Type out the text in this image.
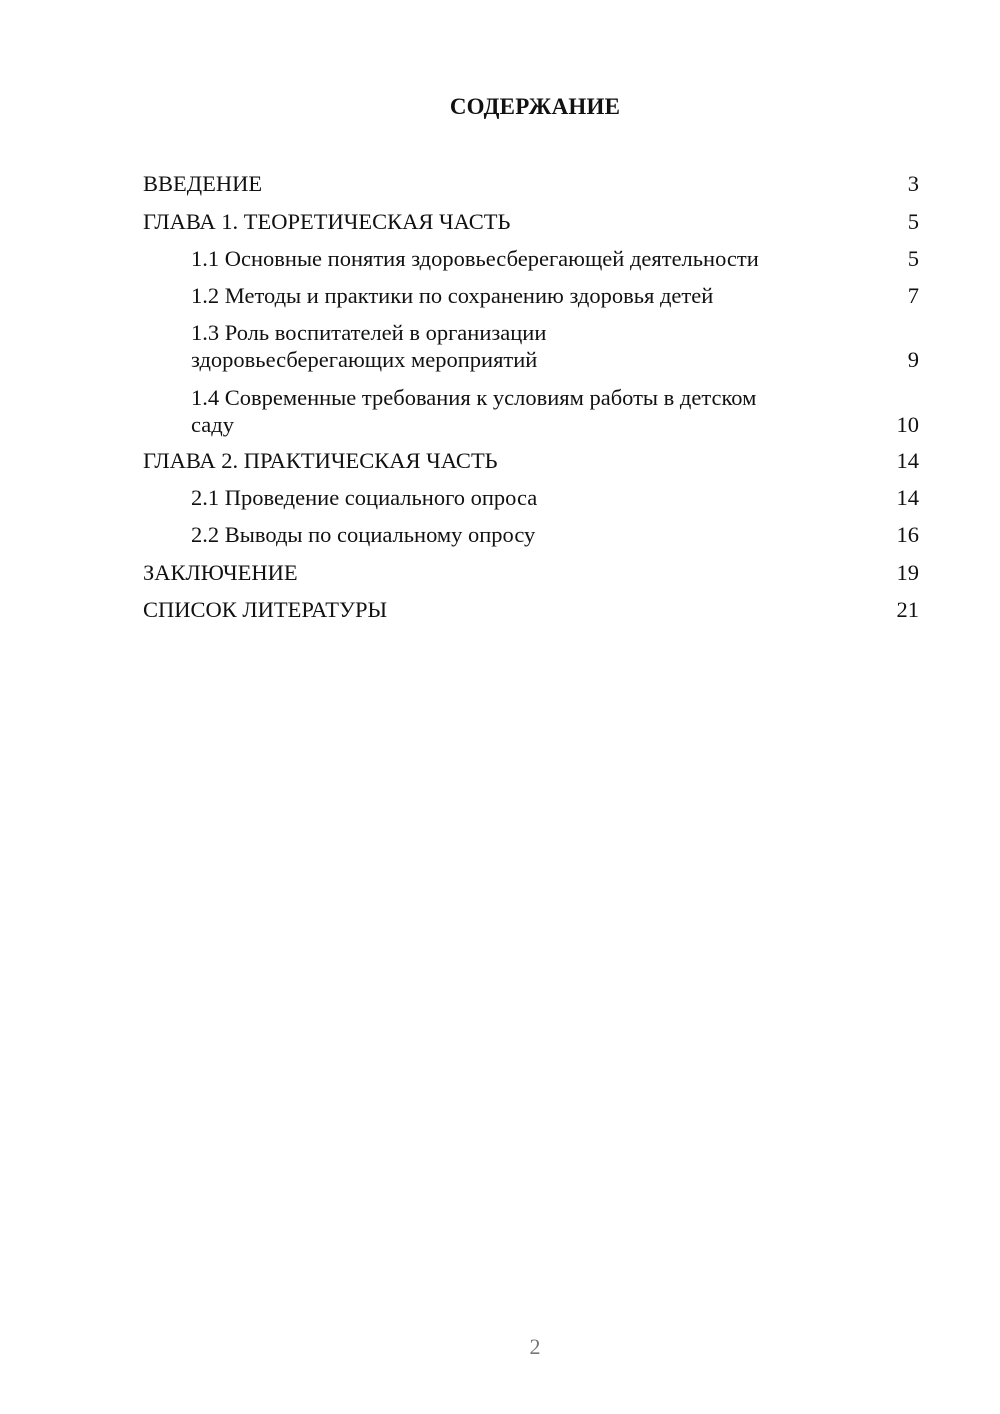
СОДЕРЖАНИЕ
ВВЕДЕНИЕ	3
ГЛАВА 1. ТЕОРЕТИЧЕСКАЯ ЧАСТЬ	5
1.1 Основные понятия здоровьесберегающей деятельности	5
1.2 Методы и практики по сохранению здоровья детей	7
1.3 Роль воспитателей в организации
здоровьесберегающих мероприятий	9
1.4 Современные требования к условиям работы в детском
саду	10
ГЛАВА 2. ПРАКТИЧЕСКАЯ ЧАСТЬ	14
2.1 Проведение социального опроса	14
2.2 Выводы по социальному опросу	16
ЗАКЛЮЧЕНИЕ	19
СПИСОК ЛИТЕРАТУРЫ	21
2
